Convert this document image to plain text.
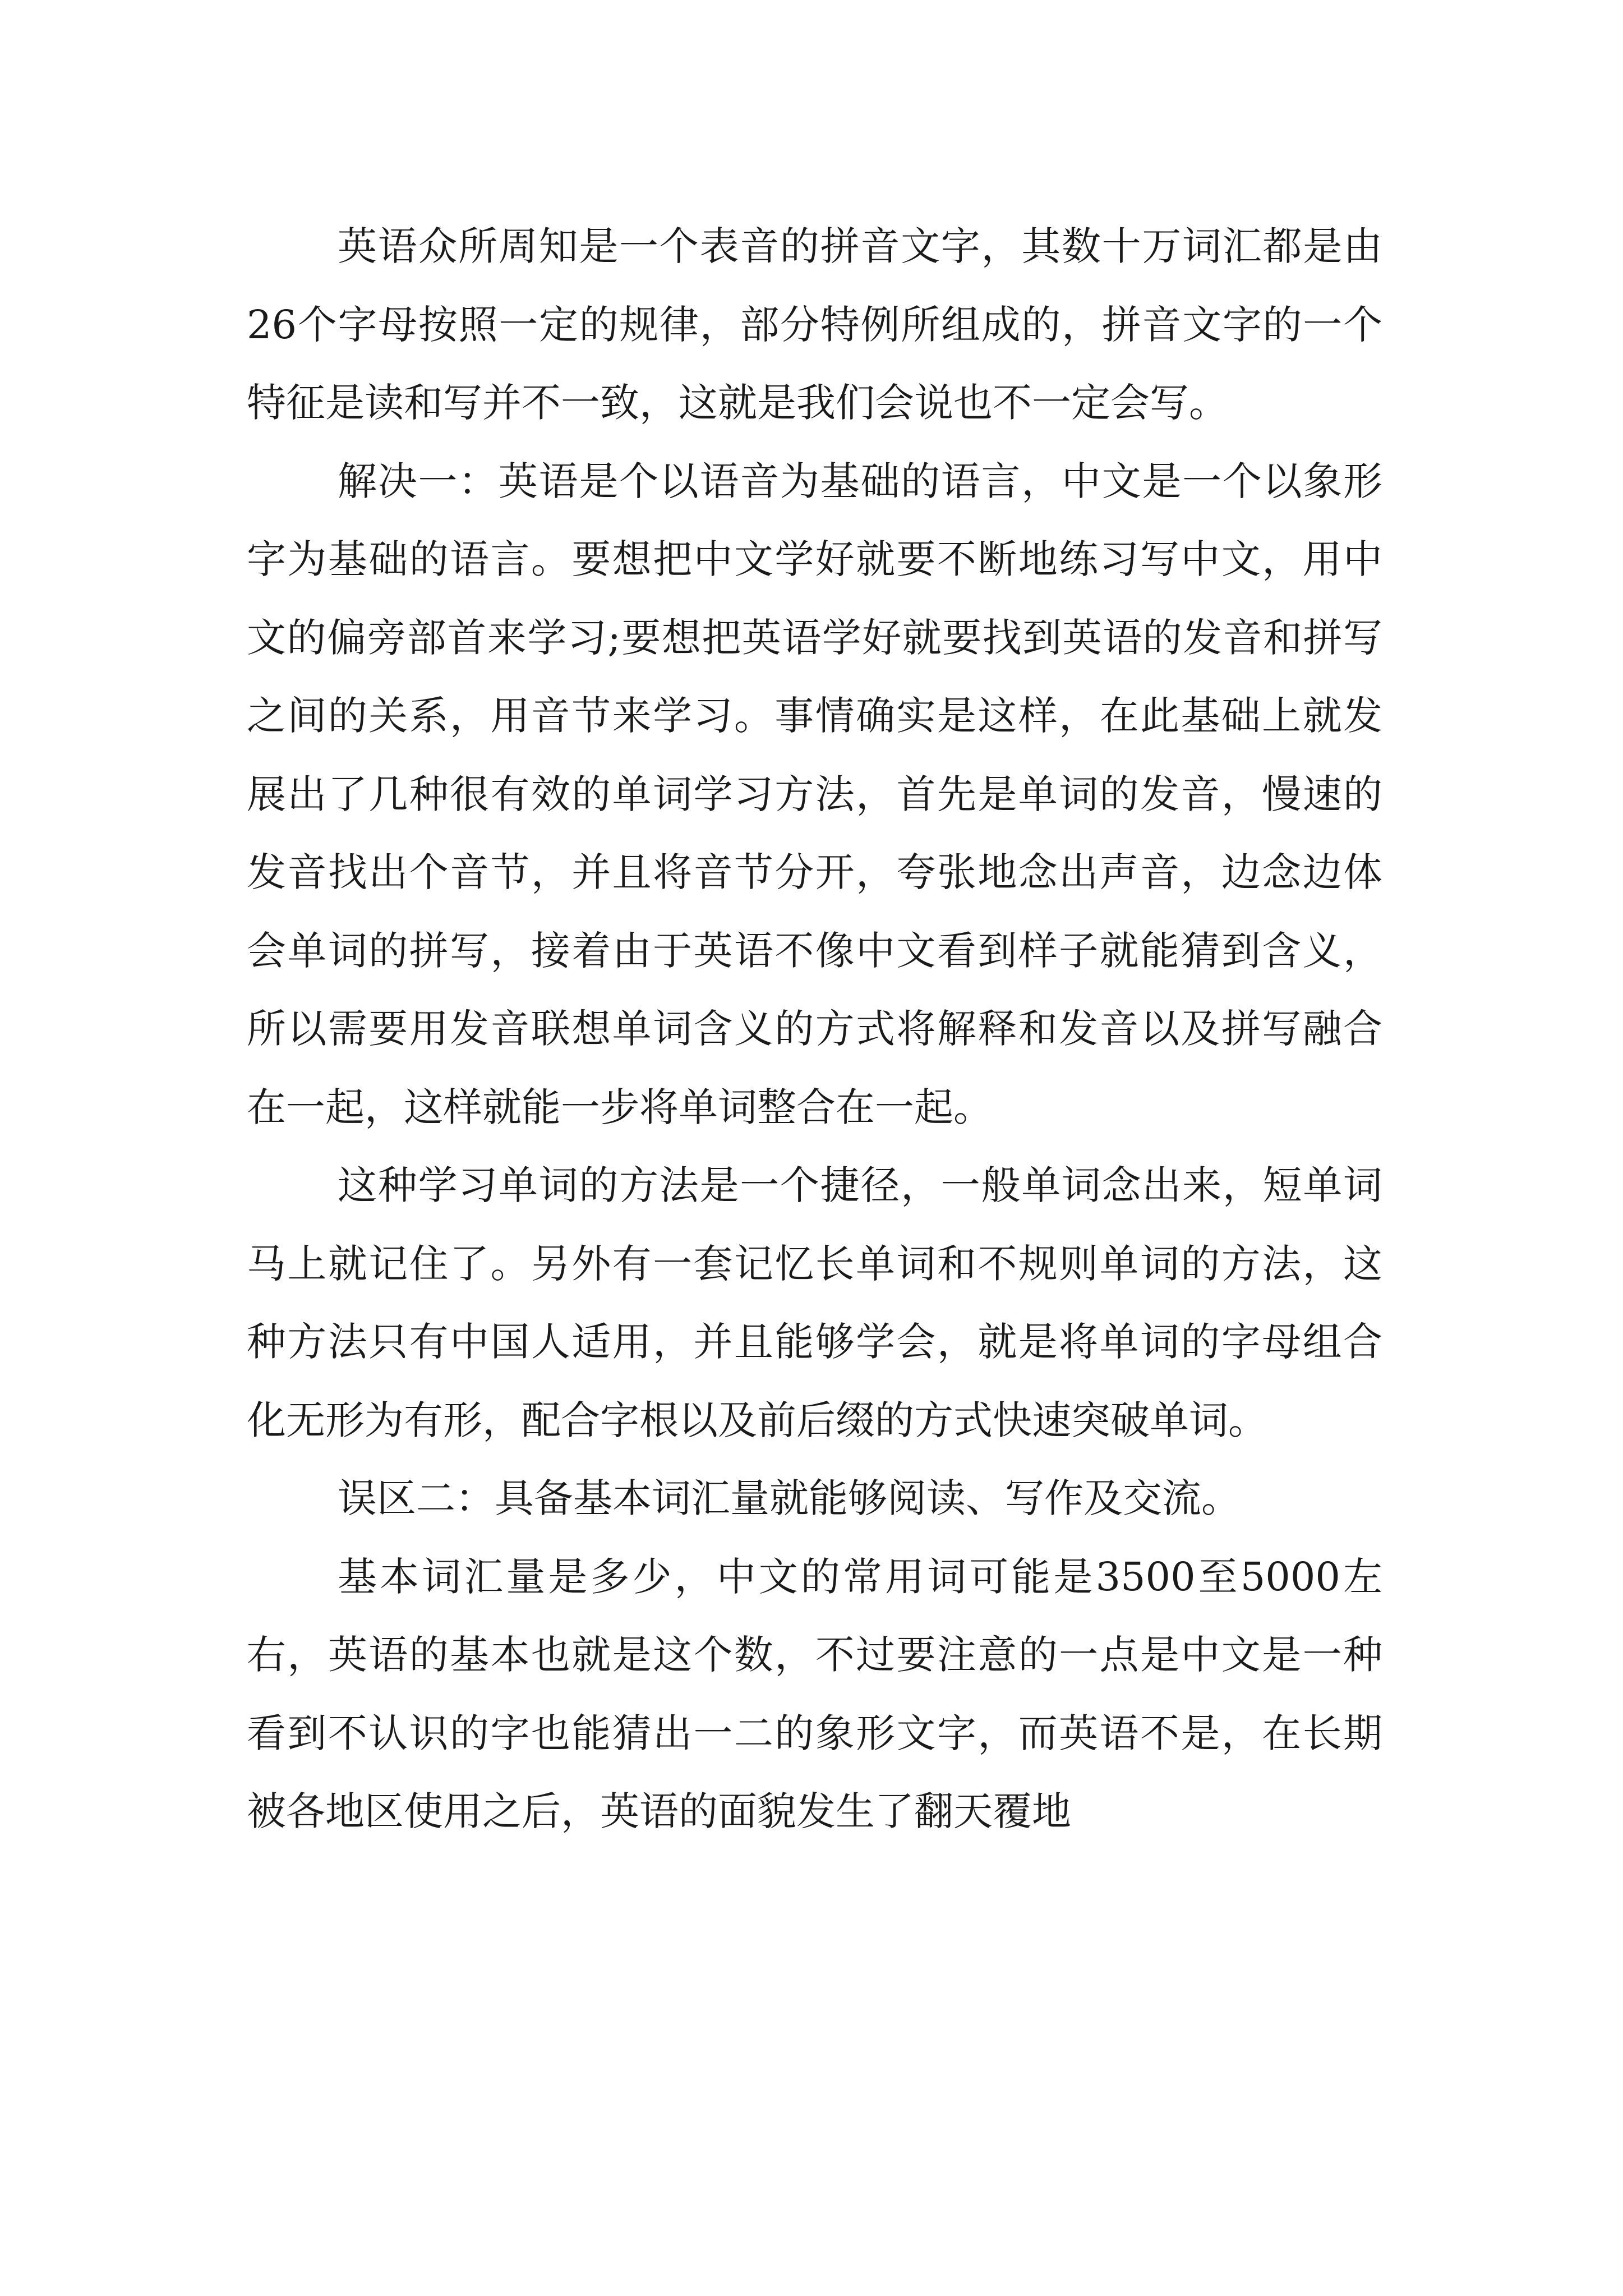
英语众所周知是一个表音的拼音文字，其数十万词汇都是由26个字母按照一定的规律，部分特例所组成的，拼音文字的一个特征是读和写并不一致，这就是我们会说也不一定会写。

解决一：英语是个以语音为基础的语言，中文是一个以象形字为基础的语言。要想把中文学好就要不断地练习写中文，用中文的偏旁部首来学习;要想把英语学好就要找到英语的发音和拼写之间的关系，用音节来学习。事情确实是这样，在此基础上就发展出了几种很有效的单词学习方法，首先是单词的发音，慢速的发音找出个音节，并且将音节分开，夸张地念出声音，边念边体会单词的拼写，接着由于英语不像中文看到样子就能猜到含义，所以需要用发音联想单词含义的方式将解释和发音以及拼写融合在一起，这样就能一步将单词整合在一起。

这种学习单词的方法是一个捷径，一般单词念出来，短单词马上就记住了。另外有一套记忆长单词和不规则单词的方法，这种方法只有中国人适用，并且能够学会，就是将单词的字母组合化无形为有形，配合字根以及前后缀的方式快速突破单词。

误区二：具备基本词汇量就能够阅读、写作及交流。

基本词汇量是多少，中文的常用词可能是3500至5000左右，英语的基本也就是这个数，不过要注意的一点是中文是一种看到不认识的字也能猜出一二的象形文字，而英语不是，在长期被各地区使用之后，英语的面貌发生了翻天覆地
